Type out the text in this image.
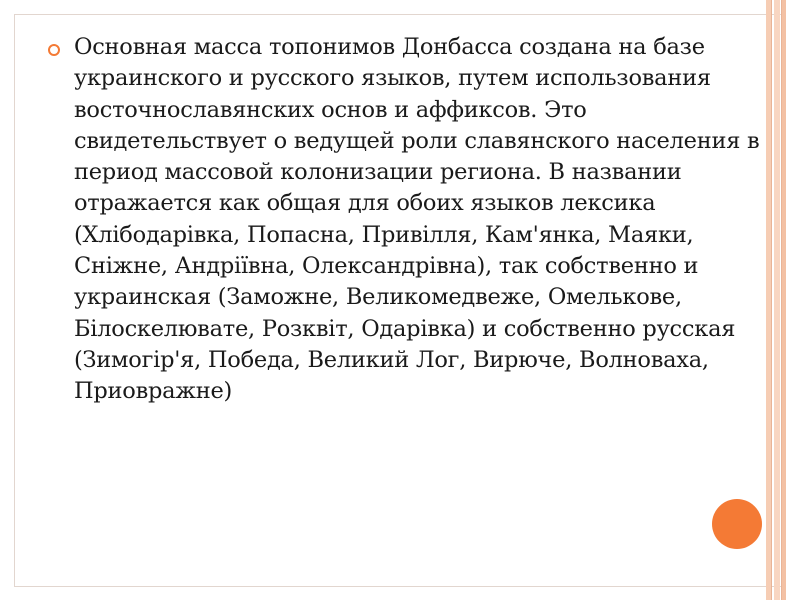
Основная масса топонимов Донбасса создана на базе украинского и русского языков, путем использования восточнославянских основ и аффиксов. Это свидетельствует о ведущей роли славянского населения в период массовой колонизации региона. В названии отражается как общая для обоих языков лексика (Хлібодарівка, Попасна, Привілля, Кам'янка, Маяки, Сніжне, Андріївна, Олександрівна), так собственно и украинская (Заможне, Великомедвеже, Омелькове, Білоскелювате, Розквіт, Одарівка) и собственно русская (Зимогір'я, Победа, Великий Лог, Вирюче, Волноваха, Приовражне)
